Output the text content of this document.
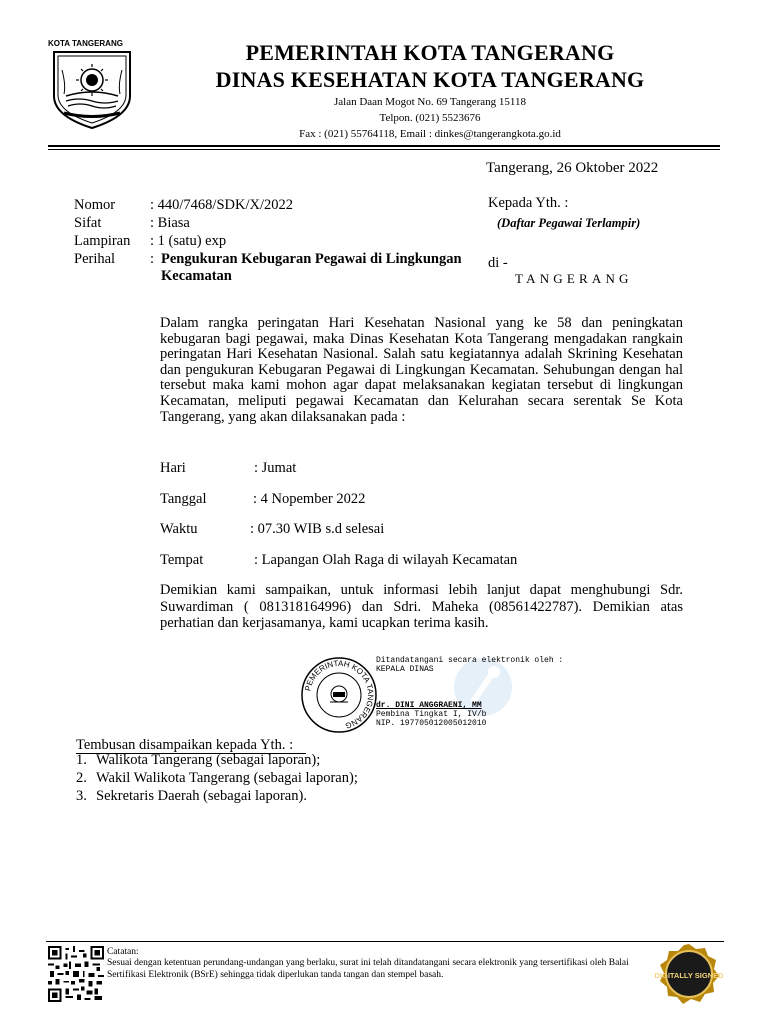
KOTA TANGERANG	PEMERINTAH KOTA TANGERANG
DINAS KESEHATAN KOTA TANGERANG
Jalan Daan Mogot No. 69 Tangerang 15118
Telpon. (021) 5523676
Fax : (021) 55764118, Email : dinkes@tangerangkota.go.id
Tangerang, 26 Oktober 2022
Nomor : 440/7468/SDK/X/2022
Sifat	: Biasa
Lampiran : 1 (satu) exp
Perihal : Pengukuran Kebugaran Pegawai di Lingkungan Kecamatan
Kepada Yth. :
(Daftar Pegawai Terlampir)
di -
TANGERANG
Dalam rangka peringatan Hari Kesehatan Nasional yang ke 58 dan peningkatan kebugaran bagi pegawai, maka Dinas Kesehatan Kota Tangerang mengadakan rangkain peringatan Hari Kesehatan Nasional. Salah satu kegiatannya adalah Skrining Kesehatan dan pengukuran Kebugaran Pegawai di Lingkungan Kecamatan. Sehubungan dengan hal tersebut maka kami mohon agar dapat melaksanakan kegiatan tersebut di lingkungan Kecamatan, meliputi pegawai Kecamatan dan Kelurahan secara serentak Se Kota Tangerang, yang akan dilaksanakan pada :
Hari	: Jumat
Tanggal	: 4 Nopember 2022
Waktu	: 07.30 WIB s.d selesai
Tempat	: Lapangan Olah Raga di wilayah Kecamatan
Demikian kami sampaikan, untuk informasi lebih lanjut dapat menghubungi Sdr. Suwardiman ( 081318164996) dan Sdri. Maheka (08561422787). Demikian atas perhatian dan kerjasamanya, kami ucapkan terima kasih.
PEMERINTAH KOTA TANGERANG
Ditandatangani secara elektronik oleh :
KEPALA DINAS
dr. DINI ANGGRAENI, MM
Pembina Tingkat I, IV/b
NIP. 197705012005012010
Tembusan disampaikan kepada Yth. :
1. Walikota Tangerang (sebagai laporan);
2. Wakil Walikota Tangerang (sebagai laporan);
3. Sekretaris Daerah (sebagai laporan).
Catatan:
Sesuai dengan ketentuan perundang-undangan yang berlaku, surat ini telah ditandatangani secara elektronik yang tersertifikasi oleh Balai Sertifikasi Elektronik (BSrE) sehingga tidak diperlukan tanda tangan dan stempel basah.	DIGITALLY SIGNED
